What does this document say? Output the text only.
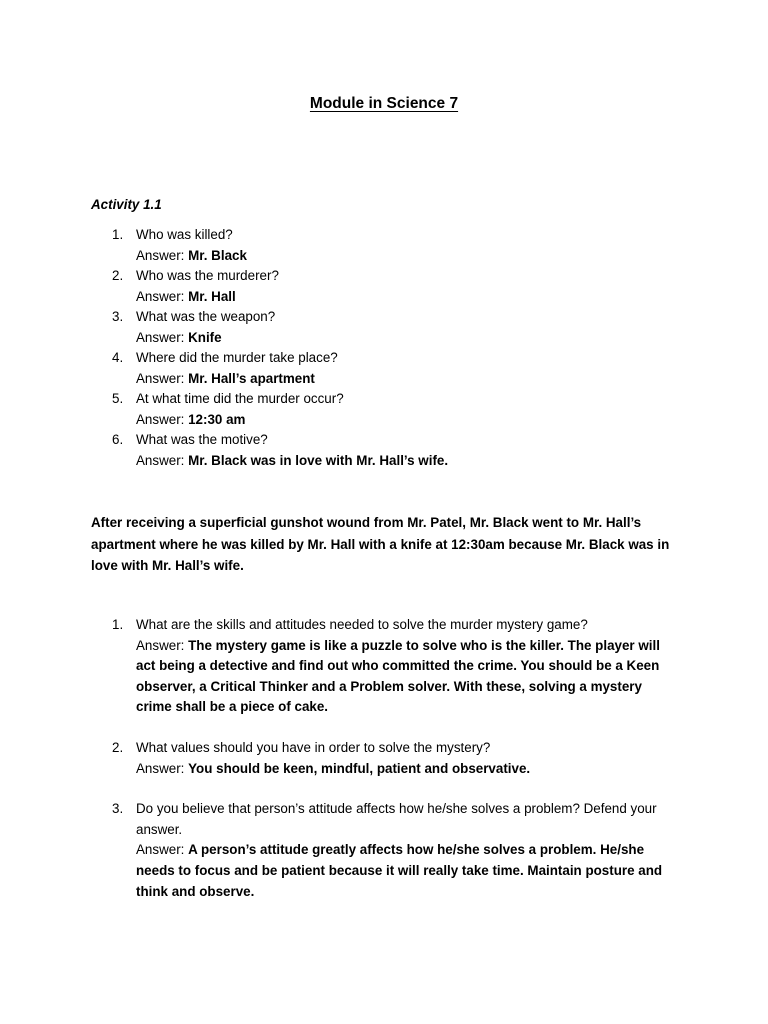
Module in Science 7
Activity 1.1
1. Who was killed?
Answer: Mr. Black
2. Who was the murderer?
Answer: Mr. Hall
3. What was the weapon?
Answer: Knife
4. Where did the murder take place?
Answer: Mr. Hall’s apartment
5. At what time did the murder occur?
Answer: 12:30 am
6. What was the motive?
Answer: Mr. Black was in love with Mr. Hall’s wife.
After receiving a superficial gunshot wound from Mr. Patel, Mr. Black went to Mr. Hall’s apartment where he was killed by Mr. Hall with a knife at 12:30am because Mr. Black was in love with Mr. Hall’s wife.
1. What are the skills and attitudes needed to solve the murder mystery game?
Answer: The mystery game is like a puzzle to solve who is the killer. The player will act being a detective and find out who committed the crime. You should be a Keen observer, a Critical Thinker and a Problem solver. With these, solving a mystery crime shall be a piece of cake.
2. What values should you have in order to solve the mystery?
Answer: You should be keen, mindful, patient and observative.
3. Do you believe that person’s attitude affects how he/she solves a problem? Defend your answer.
Answer: A person’s attitude greatly affects how he/she solves a problem. He/she needs to focus and be patient because it will really take time. Maintain posture and think and observe.
